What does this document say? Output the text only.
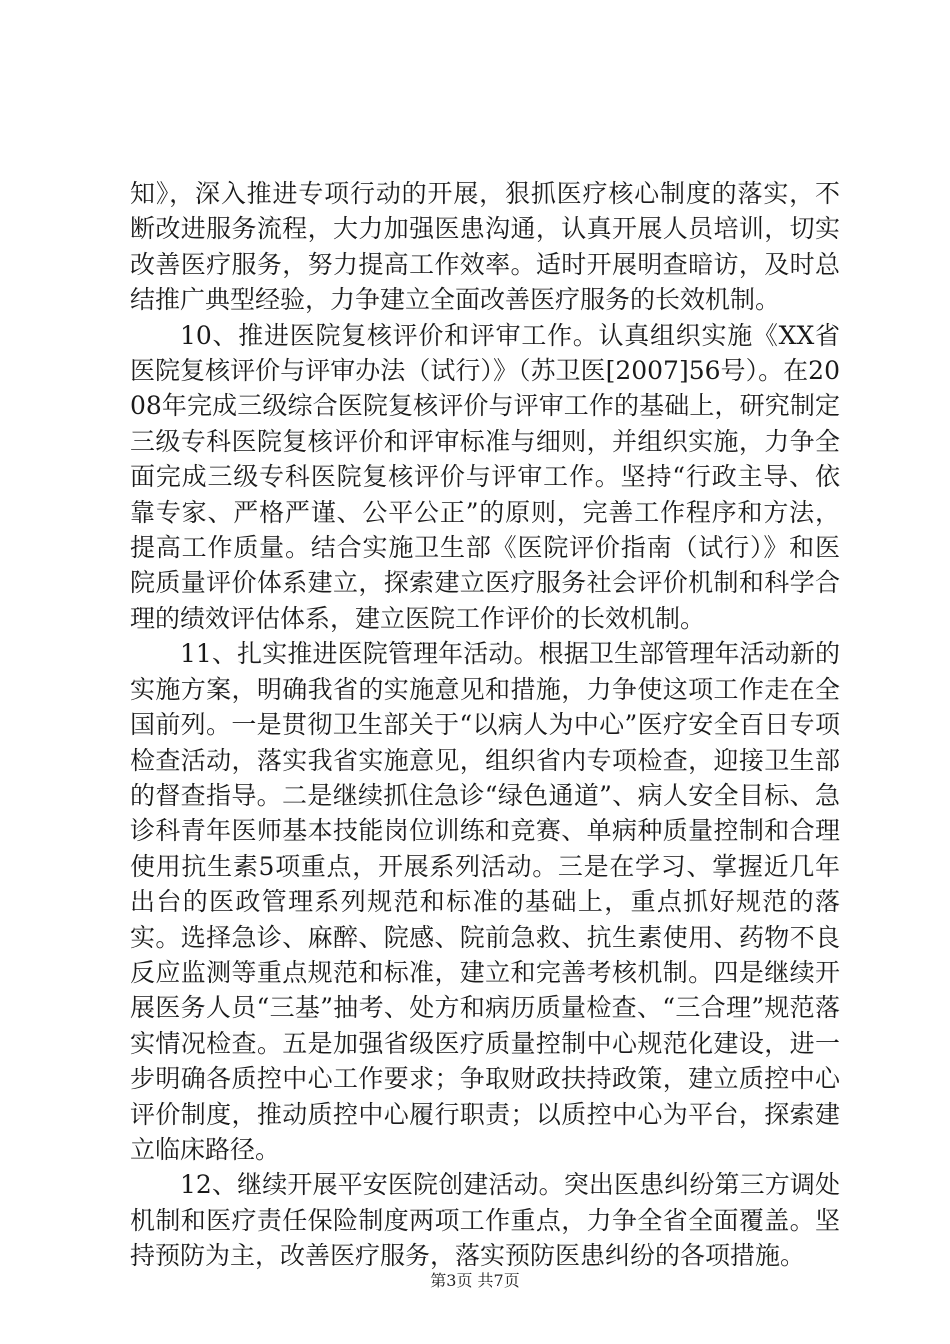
知》，深入推进专项行动的开展，狠抓医疗核心制度的落实，不断改进服务流程，大力加强医患沟通，认真开展人员培训，切实改善医疗服务，努力提高工作效率。适时开展明查暗访，及时总结推广典型经验，力争建立全面改善医疗服务的长效机制。

10、推进医院复核评价和评审工作。认真组织实施《XX省医院复核评价与评审办法（试行）》（苏卫医[2007]56号）。在2008年完成三级综合医院复核评价与评审工作的基础上，研究制定三级专科医院复核评价和评审标准与细则，并组织实施，力争全面完成三级专科医院复核评价与评审工作。坚持“行政主导、依靠专家、严格严谨、公平公正”的原则，完善工作程序和方法，提高工作质量。结合实施卫生部《医院评价指南（试行）》和医院质量评价体系建立，探索建立医疗服务社会评价机制和科学合理的绩效评估体系，建立医院工作评价的长效机制。

11、扎实推进医院管理年活动。根据卫生部管理年活动新的实施方案，明确我省的实施意见和措施，力争使这项工作走在全国前列。一是贯彻卫生部关于“以病人为中心”医疗安全百日专项检查活动，落实我省实施意见，组织省内专项检查，迎接卫生部的督查指导。二是继续抓住急诊“绿色通道”、病人安全目标、急诊科青年医师基本技能岗位训练和竞赛、单病种质量控制和合理使用抗生素5项重点，开展系列活动。三是在学习、掌握近几年出台的医政管理系列规范和标准的基础上，重点抓好规范的落实。选择急诊、麻醉、院感、院前急救、抗生素使用、药物不良反应监测等重点规范和标准，建立和完善考核机制。四是继续开展医务人员“三基”抽考、处方和病历质量检查、“三合理”规范落实情况检查。五是加强省级医疗质量控制中心规范化建设，进一步明确各质控中心工作要求；争取财政扶持政策，建立质控中心评价制度，推动质控中心履行职责；以质控中心为平台，探索建立临床路径。

12、继续开展平安医院创建活动。突出医患纠纷第三方调处机制和医疗责任保险制度两项工作重点，力争全省全面覆盖。坚持预防为主，改善医疗服务，落实预防医患纠纷的各项措施。

第3页 共7页
